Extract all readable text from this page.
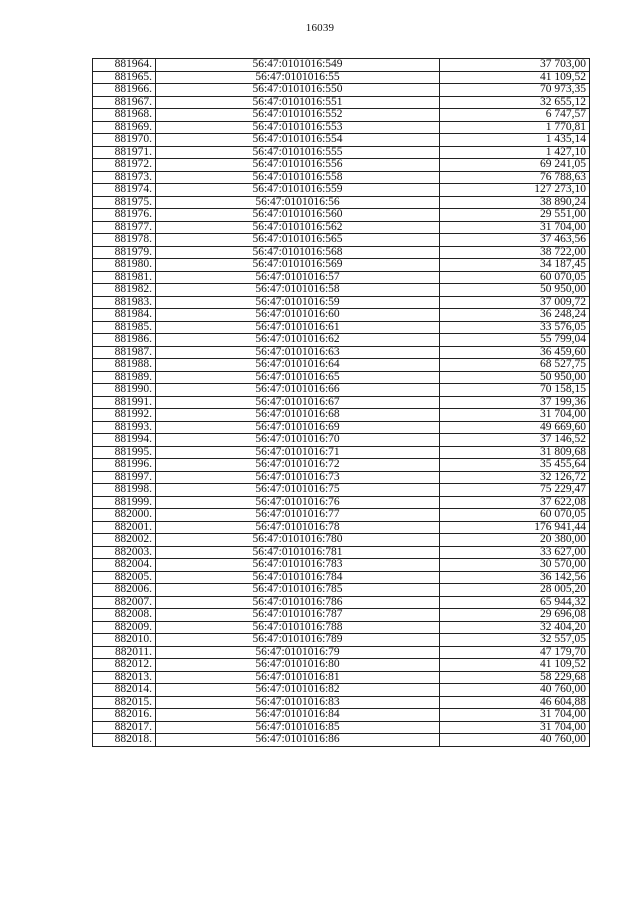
16039
881964.	56:47:0101016:549	37 703,00
881965.	56:47:0101016:55	41 109,52
881966.	56:47:0101016:550	70 973,35
881967.	56:47:0101016:551	32 655,12
881968.	56:47:0101016:552	6 747,57
881969.	56:47:0101016:553	1 770,81
881970.	56:47:0101016:554	1 435,14
881971.	56:47:0101016:555	1 427,10
881972.	56:47:0101016:556	69 241,05
881973.	56:47:0101016:558	76 788,63
881974.	56:47:0101016:559	127 273,10
881975.	56:47:0101016:56	38 890,24
881976.	56:47:0101016:560	29 551,00
881977.	56:47:0101016:562	31 704,00
881978.	56:47:0101016:565	37 463,56
881979.	56:47:0101016:568	38 722,00
881980.	56:47:0101016:569	34 187,45
881981.	56:47:0101016:57	60 070,05
881982.	56:47:0101016:58	50 950,00
881983.	56:47:0101016:59	37 009,72
881984.	56:47:0101016:60	36 248,24
881985.	56:47:0101016:61	33 576,05
881986.	56:47:0101016:62	55 799,04
881987.	56:47:0101016:63	36 459,60
881988.	56:47:0101016:64	68 527,75
881989.	56:47:0101016:65	50 950,00
881990.	56:47:0101016:66	70 158,15
881991.	56:47:0101016:67	37 199,36
881992.	56:47:0101016:68	31 704,00
881993.	56:47:0101016:69	49 669,60
881994.	56:47:0101016:70	37 146,52
881995.	56:47:0101016:71	31 809,68
881996.	56:47:0101016:72	35 455,64
881997.	56:47:0101016:73	32 126,72
881998.	56:47:0101016:75	75 229,47
881999.	56:47:0101016:76	37 622,08
882000.	56:47:0101016:77	60 070,05
882001.	56:47:0101016:78	176 941,44
882002.	56:47:0101016:780	20 380,00
882003.	56:47:0101016:781	33 627,00
882004.	56:47:0101016:783	30 570,00
882005.	56:47:0101016:784	36 142,56
882006.	56:47:0101016:785	28 005,20
882007.	56:47:0101016:786	65 944,32
882008.	56:47:0101016:787	29 696,08
882009.	56:47:0101016:788	32 404,20
882010.	56:47:0101016:789	32 557,05
882011.	56:47:0101016:79	47 179,70
882012.	56:47:0101016:80	41 109,52
882013.	56:47:0101016:81	58 229,68
882014.	56:47:0101016:82	40 760,00
882015.	56:47:0101016:83	46 604,88
882016.	56:47:0101016:84	31 704,00
882017.	56:47:0101016:85	31 704,00
882018.	56:47:0101016:86	40 760,00
